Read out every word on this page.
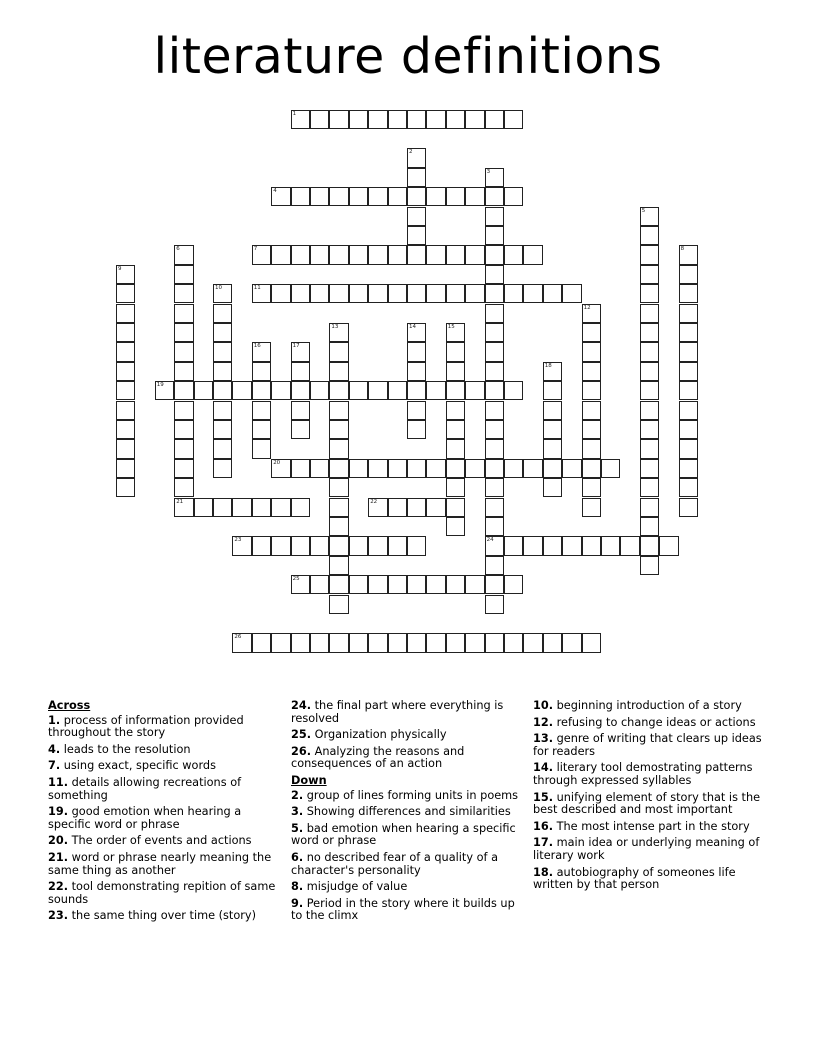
literature definitions
1
2
3
24
4
5
6
21
7	8
9
10	11
12
13	14	15
16	17
18
19
20
22
23
25
26
Across
1. process of information provided throughout the story
4. leads to the resolution
7. using exact, specific words
11. details allowing recreations of something
19. good emotion when hearing a specific word or phrase
20. The order of events and actions
21. word or phrase nearly meaning the same thing as another
22. tool demonstrating repition of same sounds
23. the same thing over time (story)
24. the final part where everything is resolved
25. Organization physically
26. Analyzing the reasons and consequences of an action
Down
2. group of lines forming units in poems
3. Showing differences and similarities
5. bad emotion when hearing a specific word or phrase
6. no described fear of a quality of a character's personality
8. misjudge of value
9. Period in the story where it builds up to the climx
10. beginning introduction of a story
12. refusing to change ideas or actions
13. genre of writing that clears up ideas for readers
14. literary tool demostrating patterns through expressed syllables
15. unifying element of story that is the best described and most important
16. The most intense part in the story
17. main idea or underlying meaning of literary work
18. autobiography of someones life written by that person
